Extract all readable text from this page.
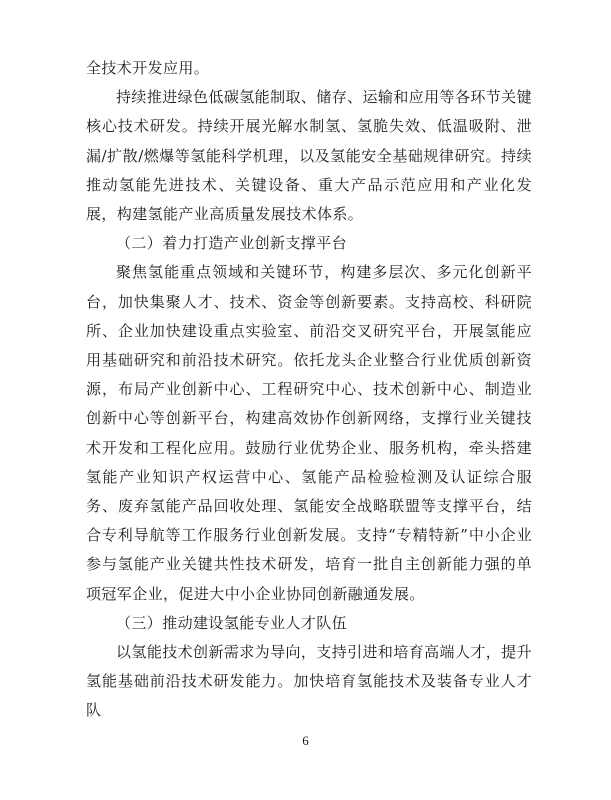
全技术开发应用。

持续推进绿色低碳氢能制取、储存、运输和应用等各环节关键核心技术研发。持续开展光解水制氢、氢脆失效、低温吸附、泄漏/扩散/燃爆等氢能科学机理，以及氢能安全基础规律研究。持续推动氢能先进技术、关键设备、重大产品示范应用和产业化发展，构建氢能产业高质量发展技术体系。

（二）着力打造产业创新支撑平台

聚焦氢能重点领域和关键环节，构建多层次、多元化创新平台，加快集聚人才、技术、资金等创新要素。支持高校、科研院所、企业加快建设重点实验室、前沿交叉研究平台，开展氢能应用基础研究和前沿技术研究。依托龙头企业整合行业优质创新资源，布局产业创新中心、工程研究中心、技术创新中心、制造业创新中心等创新平台，构建高效协作创新网络，支撑行业关键技术开发和工程化应用。鼓励行业优势企业、服务机构，牵头搭建氢能产业知识产权运营中心、氢能产品检验检测及认证综合服务、废弃氢能产品回收处理、氢能安全战略联盟等支撑平台，结合专利导航等工作服务行业创新发展。支持“专精特新”中小企业参与氢能产业关键共性技术研发，培育一批自主创新能力强的单项冠军企业，促进大中小企业协同创新融通发展。

（三）推动建设氢能专业人才队伍

以氢能技术创新需求为导向，支持引进和培育高端人才，提升氢能基础前沿技术研发能力。加快培育氢能技术及装备专业人才队

6
